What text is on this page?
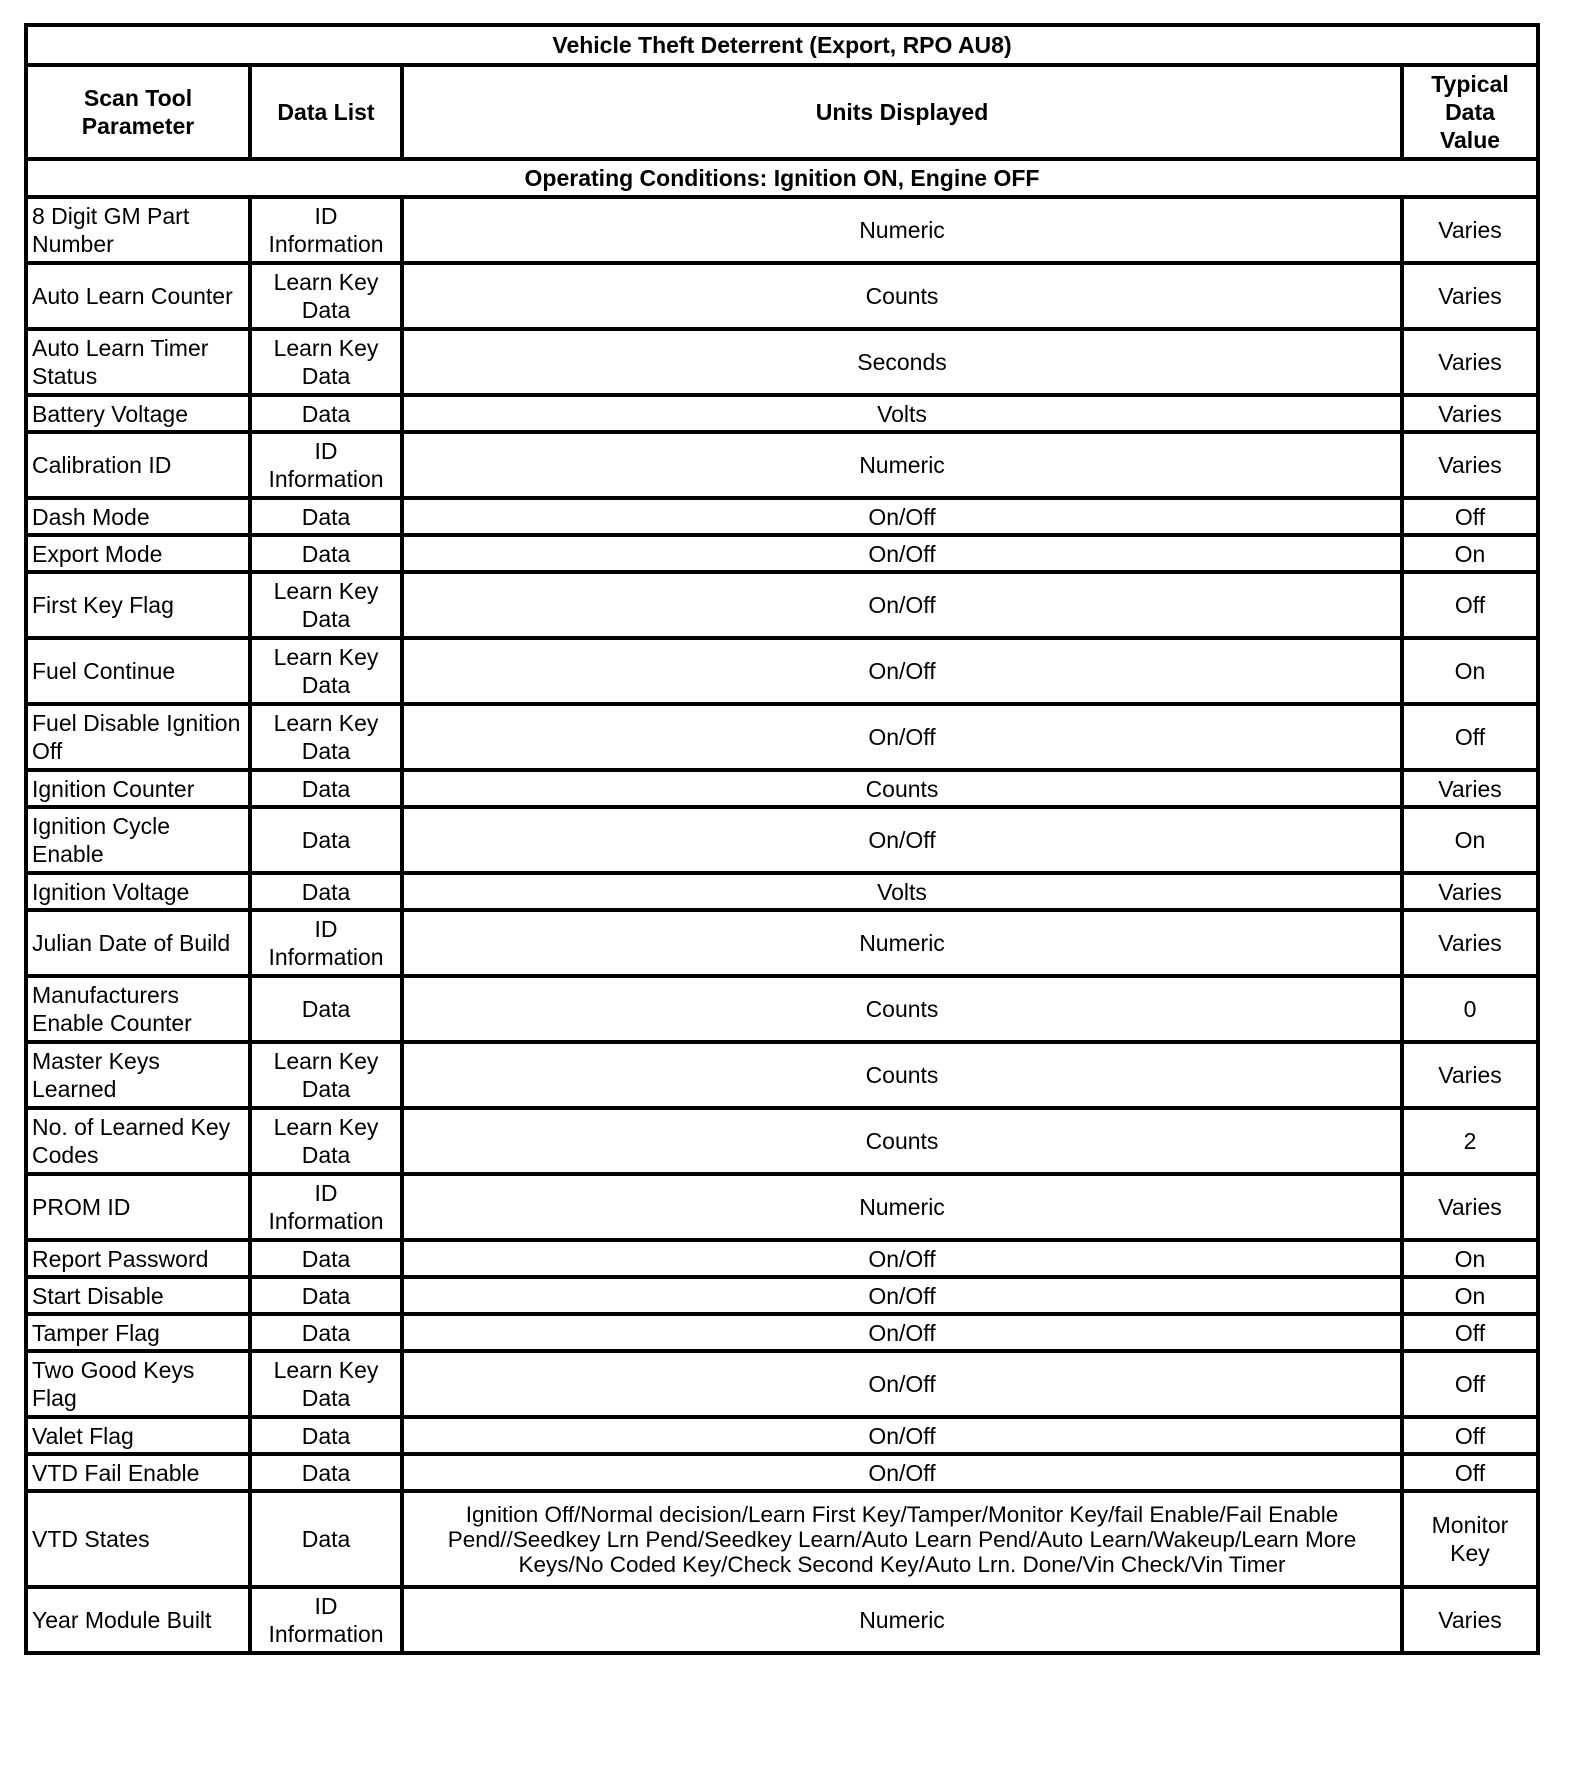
Vehicle Theft Deterrent (Export, RPO AU8)			
Scan Tool
Parameter	Data List	Units Displayed	Typical
Data
Value
Operating Conditions: Ignition ON, Engine OFF			
8 Digit GM Part Number	ID
Information	Numeric	Varies
Auto Learn Counter	Learn Key
Data	Counts	Varies
Auto Learn Timer Status	Learn Key
Data	Seconds	Varies
Battery Voltage	Data	Volts	Varies
Calibration ID	ID
Information	Numeric	Varies
Dash Mode	Data	On/Off	Off
Export Mode	Data	On/Off	On
First Key Flag	Learn Key
Data	On/Off	Off
Fuel Continue	Learn Key
Data	On/Off	On
Fuel Disable Ignition Off	Learn Key
Data	On/Off	Off
Ignition Counter	Data	Counts	Varies
Ignition Cycle Enable	Data	On/Off	On
Ignition Voltage	Data	Volts	Varies
Julian Date of Build	ID
Information	Numeric	Varies
Manufacturers Enable Counter	Data	Counts	0
Master Keys Learned	Learn Key
Data	Counts	Varies
No. of Learned Key Codes	Learn Key
Data	Counts	2
PROM ID	ID
Information	Numeric	Varies
Report Password	Data	On/Off	On
Start Disable	Data	On/Off	On
Tamper Flag	Data	On/Off	Off
Two Good Keys Flag	Learn Key
Data	On/Off	Off
Valet Flag	Data	On/Off	Off
VTD Fail Enable	Data	On/Off	Off
VTD States	Data	Ignition Off/Normal decision/Learn First Key/Tamper/Monitor Key/fail Enable/Fail Enable Pend//Seedkey Lrn Pend/Seedkey Learn/Auto Learn Pend/Auto Learn/Wakeup/Learn More Keys/No Coded Key/Check Second Key/Auto Lrn. Done/Vin Check/Vin Timer	Monitor
Key
Year Module Built	ID
Information	Numeric	Varies
